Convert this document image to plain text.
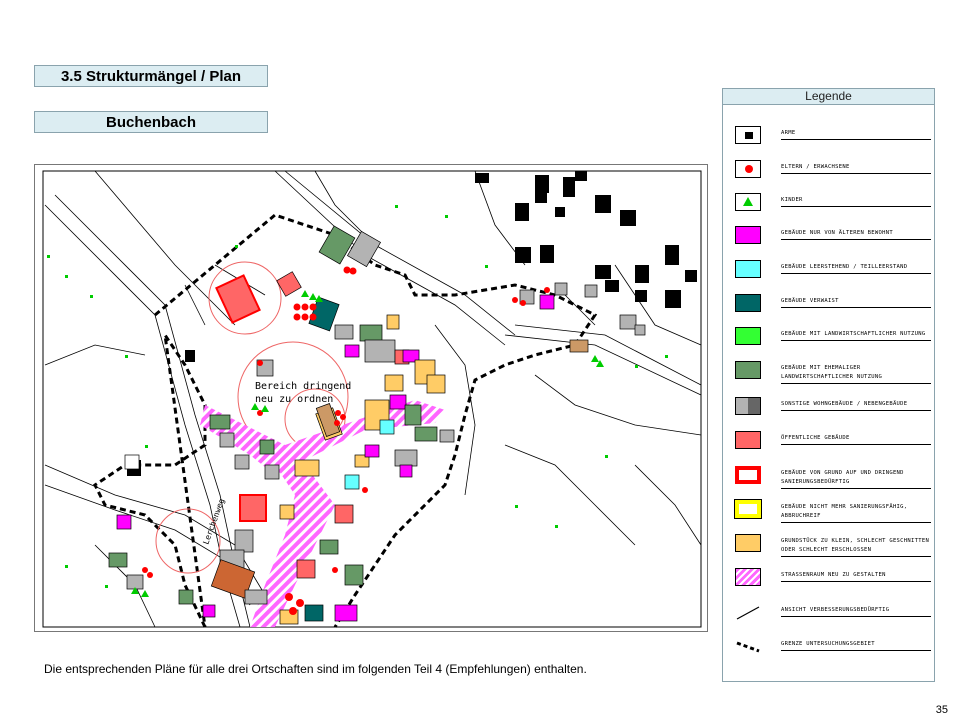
3.5 Strukturmängel / Plan
Buchenbach
Bereich dringend
neu zu ordnen
Lerchenweg
Die entsprechenden Pläne für alle drei Ortschaften sind im folgenden Teil 4 (Empfehlungen) enthalten.
35
Legende
ARME
ELTERN / ERWACHSENE
KINDER
GEBÄUDE NUR VON ÄLTEREN BEWOHNT
GEBÄUDE LEERSTEHEND / TEILLEERSTAND
GEBÄUDE VERWAIST
GEBÄUDE MIT LANDWIRTSCHAFTLICHER NUTZUNG
GEBÄUDE MIT EHEMALIGER LANDWIRTSCHAFTLICHER NUTZUNG
SONSTIGE WOHNGEBÄUDE / NEBENGEBÄUDE
ÖFFENTLICHE GEBÄUDE
GEBÄUDE VON GRUND AUF UND DRINGEND SANIERUNGSBEDÜRFTIG
GEBÄUDE NICHT MEHR SANIERUNGSFÄHIG, ABBRUCHREIF
GRUNDSTÜCK ZU KLEIN, SCHLECHT GESCHNITTEN ODER SCHLECHT ERSCHLOSSEN
STRASSENRAUM NEU ZU GESTALTEN
ANSICHT VERBESSERUNGSBEDÜRFTIG
GRENZE UNTERSUCHUNGSGEBIET
